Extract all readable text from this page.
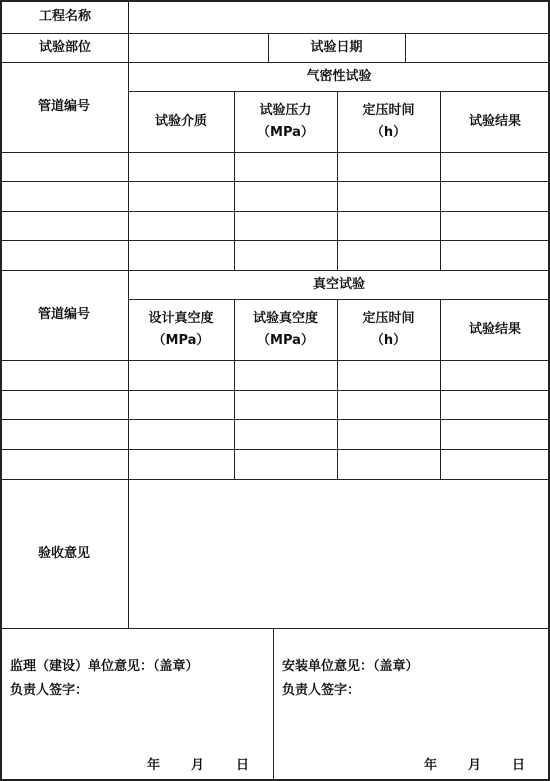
工程名称
试验部位	试验日期
管道编号
气密性试验
试验介质
试验压力
（MPa）
定压时间
（h）
试验结果
管道编号
真空试验
设计真空度
（MPa）
试验真空度
（MPa）
定压时间
（h）
试验结果
验收意见
监理（建设）单位意见：（盖章）
负责人签字：
年 月 日
安装单位意见：（盖章）
负责人签字：
年 月 日
